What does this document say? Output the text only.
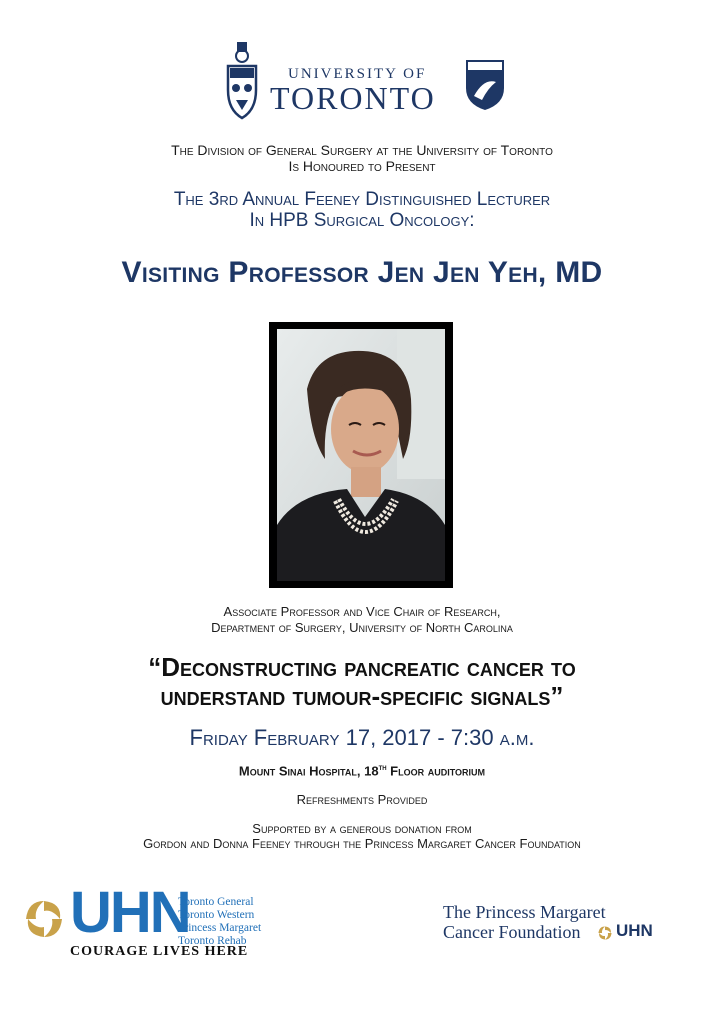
UNIVERSITY OF
TORONTO
The Division of General Surgery at the University of Toronto
Is Honoured to Present
The 3rd Annual Feeney Distinguished Lecturer
In HPB Surgical Oncology:
Visiting Professor Jen Jen Yeh, MD
Associate Professor and Vice Chair of Research,
Department of Surgery, University of North Carolina
“Deconstructing pancreatic cancer to
understand tumour-specific signals”
Friday February 17, 2017 - 7:30 a.m.
Mount Sinai Hospital, 18th Floor auditorium
Refreshments Provided
Supported by a generous donation from
Gordon and Donna Feeney through the Princess Margaret Cancer Foundation
UHN
Toronto General
Toronto Western
Princess Margaret
Toronto Rehab
COURAGE LIVES HERE
The Princess Margaret
Cancer Foundation UHN
